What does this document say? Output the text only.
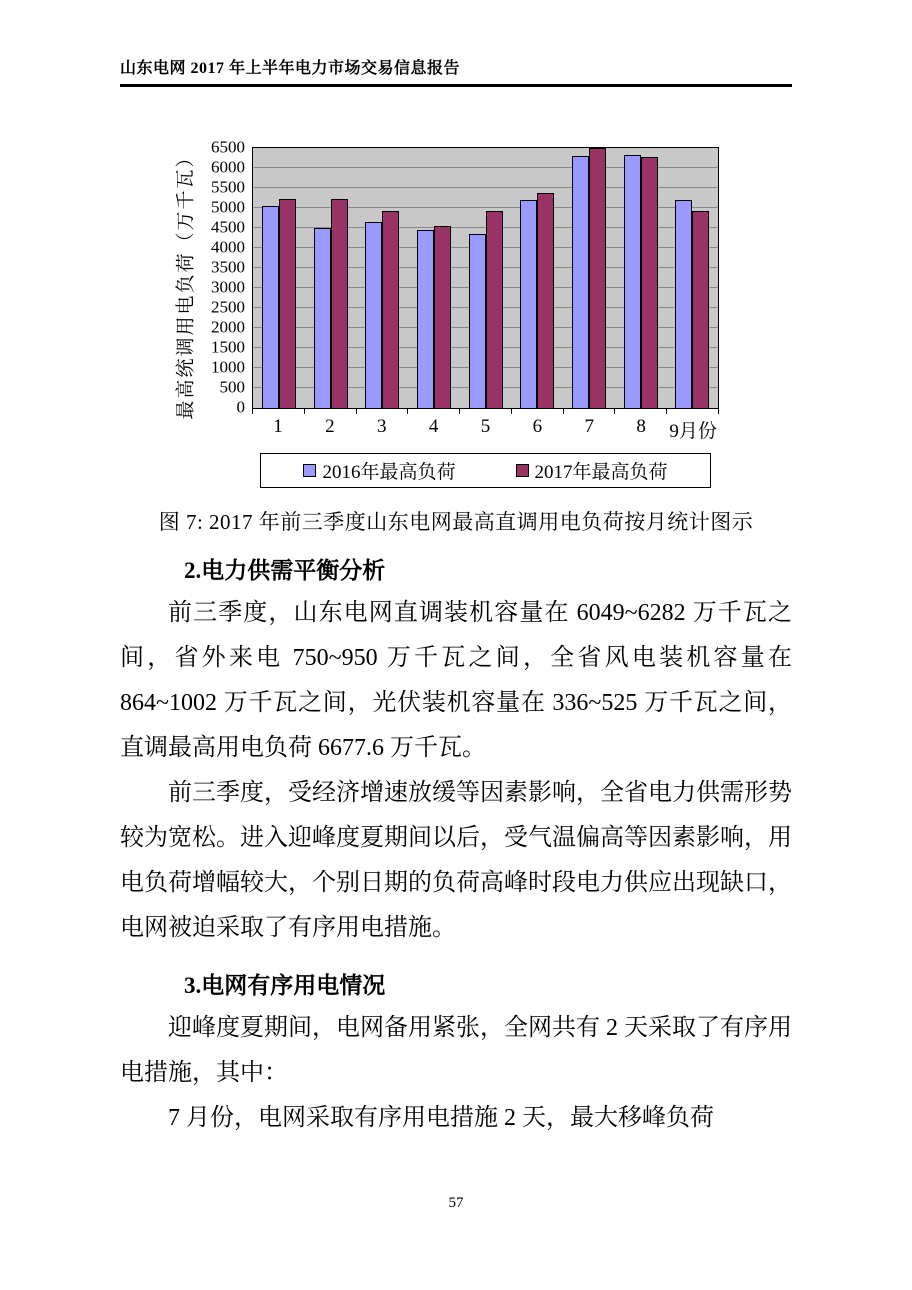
山东电网 2017 年上半年电力市场交易信息报告
最高统调用电负荷（万千瓦） 0
500
1000
1500
2000
2500
3000
3500
4000
4500
5000
5500
6000
6500
1	2	3	4	5	6	7	8	9月份
2016年最高负荷	2017年最高负荷
图 7: 2017 年前三季度山东电网最高直调用电负荷按月统计图示
2.电力供需平衡分析

前三季度，山东电网直调装机容量在 6049~6282 万千瓦之间，省外来电 750~950 万千瓦之间，全省风电装机容量在 864~1002 万千瓦之间，光伏装机容量在 336~525 万千瓦之间，直调最高用电负荷 6677.6 万千瓦。

前三季度，受经济增速放缓等因素影响，全省电力供需形势较为宽松。进入迎峰度夏期间以后，受气温偏高等因素影响，用电负荷增幅较大，个别日期的负荷高峰时段电力供应出现缺口，电网被迫采取了有序用电措施。

3.电网有序用电情况

迎峰度夏期间，电网备用紧张，全网共有 2 天采取了有序用电措施，其中：

7 月份，电网采取有序用电措施 2 天，最大移峰负荷

57
